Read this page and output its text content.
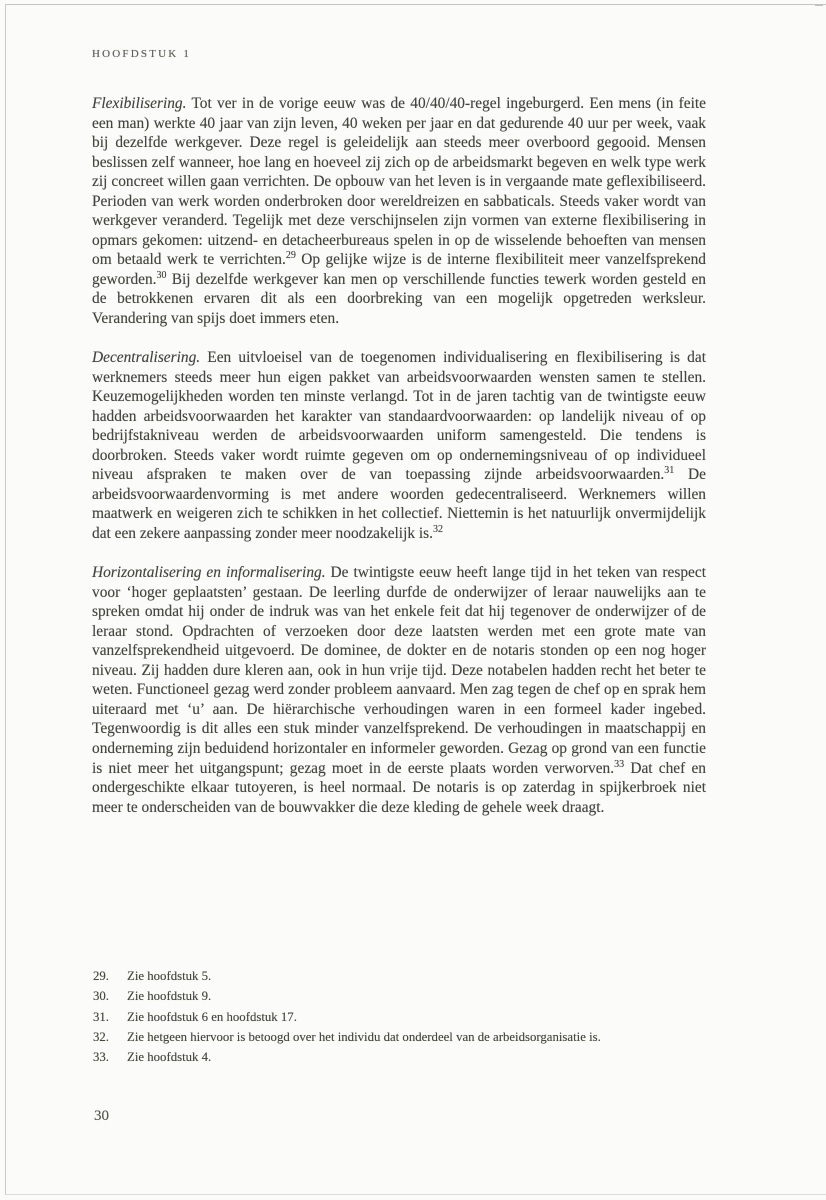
HOOFDSTUK 1

Flexibilisering. Tot ver in de vorige eeuw was de 40/40/40-regel ingeburgerd. Een mens (in feite een man) werkte 40 jaar van zijn leven, 40 weken per jaar en dat gedurende 40 uur per week, vaak bij dezelfde werkgever. Deze regel is geleidelijk aan steeds meer overboord gegooid. Mensen beslissen zelf wanneer, hoe lang en hoeveel zij zich op de arbeidsmarkt begeven en welk type werk zij concreet willen gaan verrichten. De opbouw van het leven is in vergaande mate geflexibiliseerd. Perioden van werk worden onderbroken door wereldreizen en sabbaticals. Steeds vaker wordt van werkgever veranderd. Tegelijk met deze verschijnselen zijn vormen van externe flexibilisering in opmars gekomen: uitzend- en detacheerbureaus spelen in op de wisselende behoeften van mensen om betaald werk te verrichten.$^{29}$ Op gelijke wijze is de interne flexibiliteit meer vanzelfsprekend geworden.$^{30}$ Bij dezelfde werkgever kan men op verschillende functies tewerk worden gesteld en de betrokkenen ervaren dit als een doorbreking van een mogelijk opgetreden werksleur. Verandering van spijs doet immers eten.

Decentralisering. Een uitvloeisel van de toegenomen individualisering en flexibilisering is dat werknemers steeds meer hun eigen pakket van arbeidsvoorwaarden wensten samen te stellen. Keuzemogelijkheden worden ten minste verlangd. Tot in de jaren tachtig van de twintigste eeuw hadden arbeidsvoorwaarden het karakter van standaardvoorwaarden: op landelijk niveau of op bedrijfstakniveau werden de arbeidsvoorwaarden uniform samengesteld. Die tendens is doorbroken. Steeds vaker wordt ruimte gegeven om op ondernemingsniveau of op individueel niveau afspraken te maken over de van toepassing zijnde arbeidsvoorwaarden.$^{31}$ De arbeidsvoorwaardenvorming is met andere woorden gedecentraliseerd. Werknemers willen maatwerk en weigeren zich te schikken in het collectief. Niettemin is het natuurlijk onvermijdelijk dat een zekere aanpassing zonder meer noodzakelijk is.$^{32}$

Horizontalisering en informalisering. De twintigste eeuw heeft lange tijd in het teken van respect voor ‘hoger geplaatsten’ gestaan. De leerling durfde de onderwijzer of leraar nauwelijks aan te spreken omdat hij onder de indruk was van het enkele feit dat hij tegenover de onderwijzer of de leraar stond. Opdrachten of verzoeken door deze laatsten werden met een grote mate van vanzelfsprekendheid uitgevoerd. De dominee, de dokter en de notaris stonden op een nog hoger niveau. Zij hadden dure kleren aan, ook in hun vrije tijd. Deze notabelen hadden recht het beter te weten. Functioneel gezag werd zonder probleem aanvaard. Men zag tegen de chef op en sprak hem uiteraard met ‘u’ aan. De hiërarchische verhoudingen waren in een formeel kader ingebed. Tegenwoordig is dit alles een stuk minder vanzelfsprekend. De verhoudingen in maatschappij en onderneming zijn beduidend horizontaler en informeler geworden. Gezag op grond van een functie is niet meer het uitgangspunt; gezag moet in de eerste plaats worden verworven.$^{33}$ Dat chef en ondergeschikte elkaar tutoyeren, is heel normaal. De notaris is op zaterdag in spijkerbroek niet meer te onderscheiden van de bouwvakker die deze kleding de gehele week draagt.

29.	Zie hoofdstuk 5.
30.	Zie hoofdstuk 9.
31.	Zie hoofdstuk 6 en hoofdstuk 17.
32.	Zie hetgeen hiervoor is betoogd over het individu dat onderdeel van de arbeidsorganisatie is.
33.	Zie hoofdstuk 4.
30
